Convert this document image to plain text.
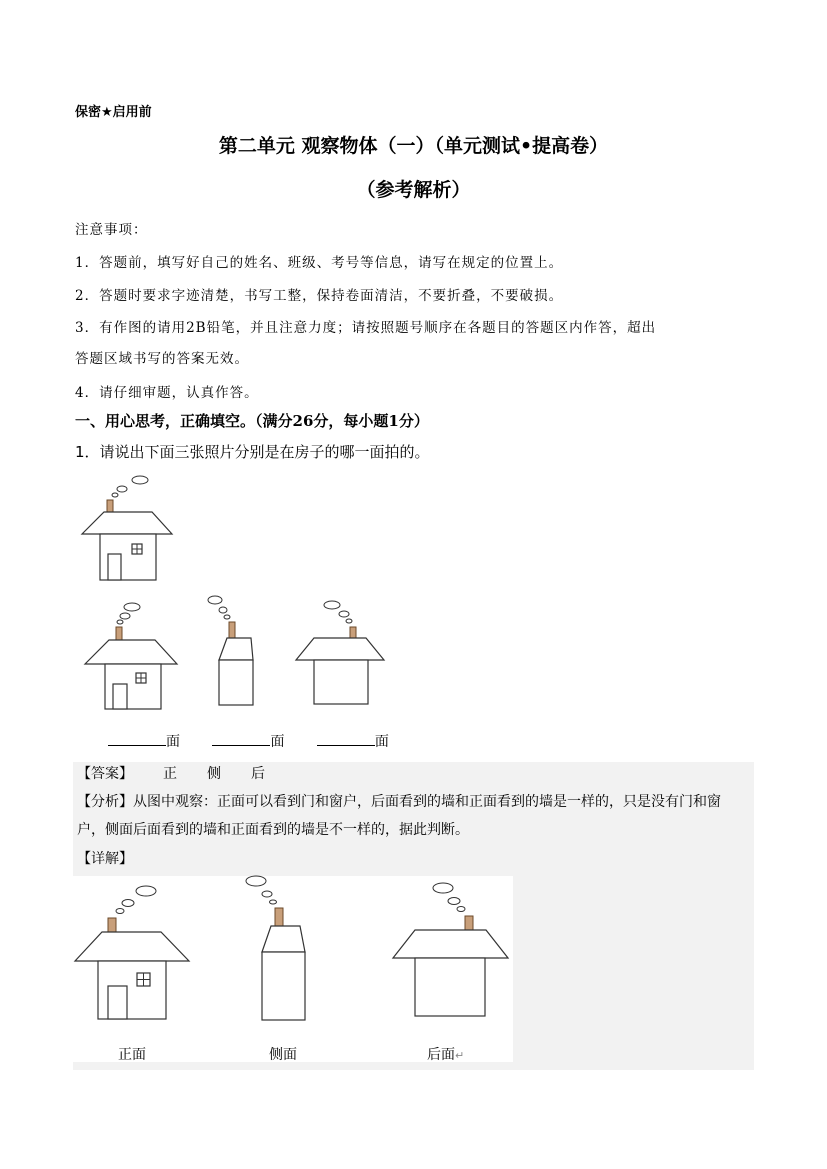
保密★启用前
第二单元 观察物体（一）（单元测试•提高卷）
（参考解析）
注意事项：
1．答题前，填写好自己的姓名、班级、考号等信息，请写在规定的位置上。
2．答题时要求字迹清楚，书写工整，保持卷面清洁，不要折叠，不要破损。
3．有作图的请用2B铅笔，并且注意力度；请按照题号顺序在各题目的答题区内作答，超出
答题区域书写的答案无效。
4．请仔细审题，认真作答。
一、用心思考，正确填空。（满分26分，每小题1分）
1．请说出下面三张照片分别是在房子的哪一面拍的。
面	面	面
【答案】 正 侧 后
【分析】从图中观察：正面可以看到门和窗户，后面看到的墙和正面看到的墙是一样的，只是没有门和窗
户，侧面后面看到的墙和正面看到的墙是不一样的，据此判断。
【详解】
正面	侧面	后面↵
